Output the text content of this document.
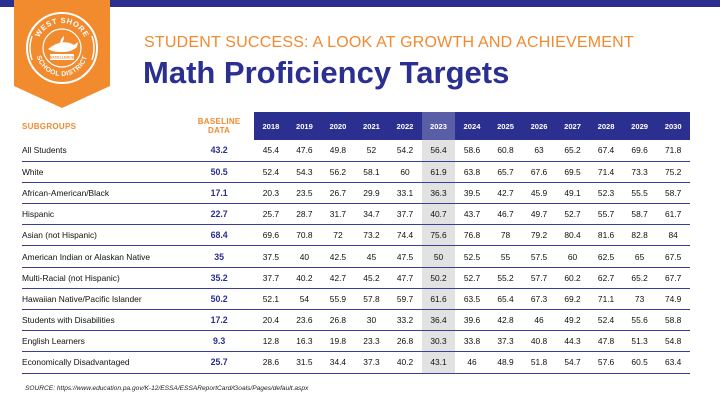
WEST SHORE
SCHOOL DISTRICT
EXCELLENCE
STUDENT SUCCESS: A LOOK AT GROWTH AND ACHIEVEMENT
Math Proficiency Targets
SUBGROUPS	BASELINE
DATA	2018	2019	2020	2021	2022	2023	2024	2025	2026	2027	2028	2029	2030
All Students	43.2	45.4	47.6	49.8	52	54.2	56.4	58.6	60.8	63	65.2	67.4	69.6	71.8
White	50.5	52.4	54.3	56.2	58.1	60	61.9	63.8	65.7	67.6	69.5	71.4	73.3	75.2
African-American/Black	17.1	20.3	23.5	26.7	29.9	33.1	36.3	39.5	42.7	45.9	49.1	52.3	55.5	58.7
Hispanic	22.7	25.7	28.7	31.7	34.7	37.7	40.7	43.7	46.7	49.7	52.7	55.7	58.7	61.7
Asian (not Hispanic)	68.4	69.6	70.8	72	73.2	74.4	75.6	76.8	78	79.2	80.4	81.6	82.8	84
American Indian or Alaskan Native	35	37.5	40	42.5	45	47.5	50	52.5	55	57.5	60	62.5	65	67.5
Multi-Racial (not Hispanic)	35.2	37.7	40.2	42.7	45.2	47.7	50.2	52.7	55.2	57.7	60.2	62.7	65.2	67.7
Hawaiian Native/Pacific Islander	50.2	52.1	54	55.9	57.8	59.7	61.6	63.5	65.4	67.3	69.2	71.1	73	74.9
Students with Disabilities	17.2	20.4	23.6	26.8	30	33.2	36.4	39.6	42.8	46	49.2	52.4	55.6	58.8
English Learners	9.3	12.8	16.3	19.8	23.3	26.8	30.3	33.8	37.3	40.8	44.3	47.8	51.3	54.8
Economically Disadvantaged	25.7	28.6	31.5	34.4	37.3	40.2	43.1	46	48.9	51.8	54.7	57.6	60.5	63.4
SOURCE: https://www.education.pa.gov/K-12/ESSA/ESSAReportCard/Goals/Pages/default.aspx
